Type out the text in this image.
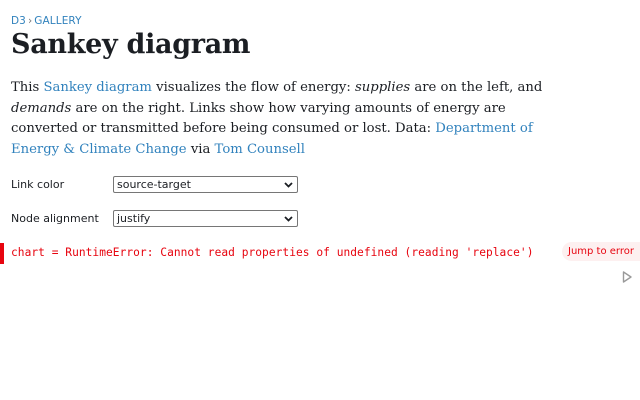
D3 › GALLERY
Sankey diagram

This Sankey diagram visualizes the flow of energy: supplies are on the left, and demands are on the right. Links show how varying amounts of energy are converted or transmitted before being consumed or lost. Data: Department of Energy & Climate Change via Tom Counsell

Link color	source-target
Node alignment	justify
chart = RuntimeError: Cannot read properties of undefined (reading 'replace')	Jump to error
